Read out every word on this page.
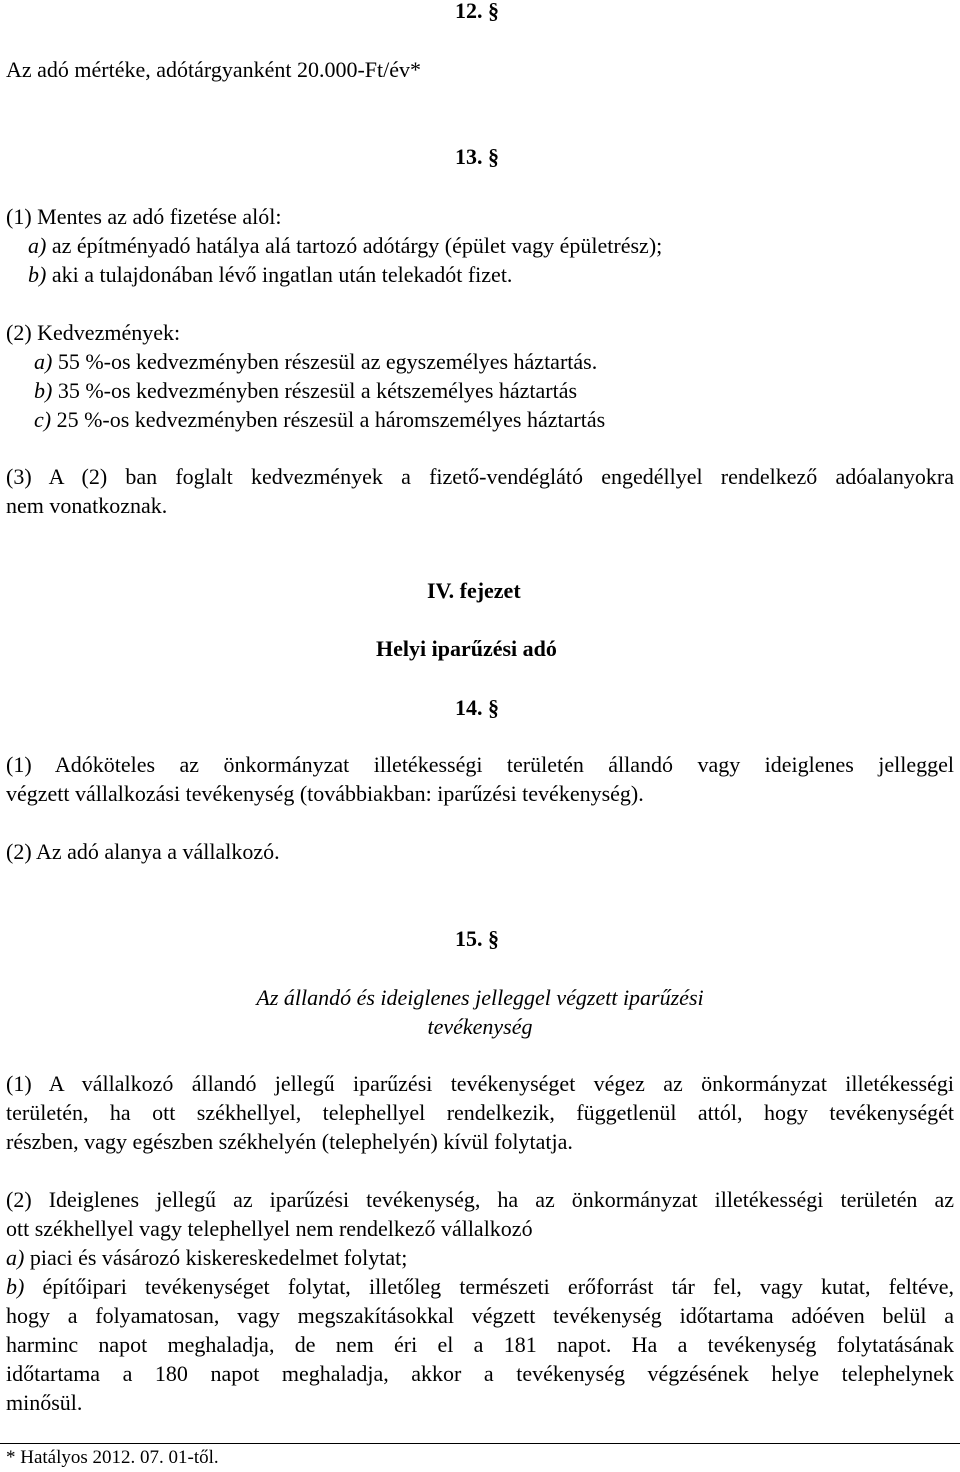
12. §
Az adó mértéke, adótárgyanként 20.000-Ft/év*
13. §
(1) Mentes az adó fizetése alól:
a) az építményadó hatálya alá tartozó adótárgy (épület vagy épületrész);
b) aki a tulajdonában lévő ingatlan után telekadót fizet.
(2) Kedvezmények:
a) 55 %-os kedvezményben részesül az egyszemélyes háztartás.
b) 35 %-os kedvezményben részesül a kétszemélyes háztartás
c) 25 %-os kedvezményben részesül a háromszemélyes háztartás
(3) A (2) ban foglalt kedvezmények a fizető-vendéglátó engedéllyel rendelkező adóalanyokra
nem vonatkoznak.
IV. fejezet
Helyi iparűzési adó
14. §
(1) Adóköteles az önkormányzat illetékességi területén állandó vagy ideiglenes jelleggel
végzett vállalkozási tevékenység (továbbiakban: iparűzési tevékenység).
(2) Az adó alanya a vállalkozó.
15. §
Az állandó és ideiglenes jelleggel végzett iparűzési
tevékenység
(1) A vállalkozó állandó jellegű iparűzési tevékenységet végez az önkormányzat illetékességi
területén, ha ott székhellyel, telephellyel rendelkezik, függetlenül attól, hogy tevékenységét
részben, vagy egészben székhelyén (telephelyén) kívül folytatja.
(2) Ideiglenes jellegű az iparűzési tevékenység, ha az önkormányzat illetékességi területén az
ott székhellyel vagy telephellyel nem rendelkező vállalkozó
a) piaci és vásározó kiskereskedelmet folytat;
b) építőipari tevékenységet folytat, illetőleg természeti erőforrást tár fel, vagy kutat, feltéve,
hogy a folyamatosan, vagy megszakításokkal végzett tevékenység időtartama adóéven belül a
harminc napot meghaladja, de nem éri el a 181 napot. Ha a tevékenység folytatásának
időtartama a 180 napot meghaladja, akkor a tevékenység végzésének helye telephelynek
minősül.
* Hatályos 2012. 07. 01-től.
